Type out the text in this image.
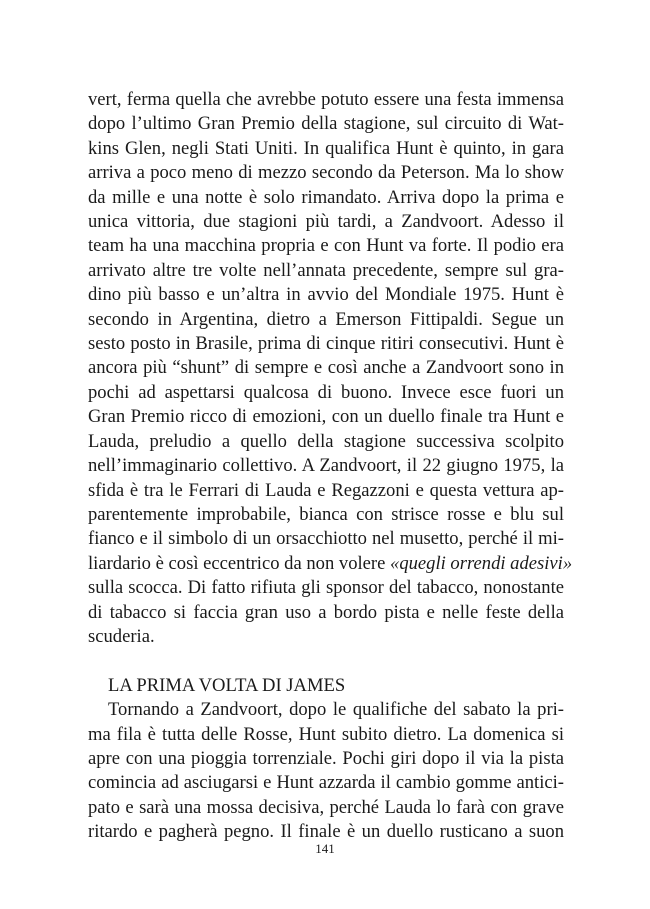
vert, ferma quella che avrebbe potuto essere una festa immensa
dopo l’ultimo Gran Premio della stagione, sul circuito di Wat-
kins Glen, negli Stati Uniti. In qualifica Hunt è quinto, in gara
arriva a poco meno di mezzo secondo da Peterson. Ma lo show
da mille e una notte è solo rimandato. Arriva dopo la prima e
unica vittoria, due stagioni più tardi, a Zandvoort. Adesso il
team ha una macchina propria e con Hunt va forte. Il podio era
arrivato altre tre volte nell’annata precedente, sempre sul gra-
dino più basso e un’altra in avvio del Mondiale 1975. Hunt è
secondo in Argentina, dietro a Emerson Fittipaldi. Segue un
sesto posto in Brasile, prima di cinque ritiri consecutivi. Hunt è
ancora più “shunt” di sempre e così anche a Zandvoort sono in
pochi ad aspettarsi qualcosa di buono. Invece esce fuori un
Gran Premio ricco di emozioni, con un duello finale tra Hunt e
Lauda, preludio a quello della stagione successiva scolpito
nell’immaginario collettivo. A Zandvoort, il 22 giugno 1975, la
sfida è tra le Ferrari di Lauda e Regazzoni e questa vettura ap-
parentemente improbabile, bianca con strisce rosse e blu sul
fianco e il simbolo di un orsacchiotto nel musetto, perché il mi-
liardario è così eccentrico da non volere «quegli orrendi adesivi»
sulla scocca. Di fatto rifiuta gli sponsor del tabacco, nonostante
di tabacco si faccia gran uso a bordo pista e nelle feste della
scuderia.

LA PRIMA VOLTA DI JAMES

Tornando a Zandvoort, dopo le qualifiche del sabato la pri-
ma fila è tutta delle Rosse, Hunt subito dietro. La domenica si
apre con una pioggia torrenziale. Pochi giri dopo il via la pista
comincia ad asciugarsi e Hunt azzarda il cambio gomme antici-
pato e sarà una mossa decisiva, perché Lauda lo farà con grave
ritardo e pagherà pegno. Il finale è un duello rusticano a suon

141
